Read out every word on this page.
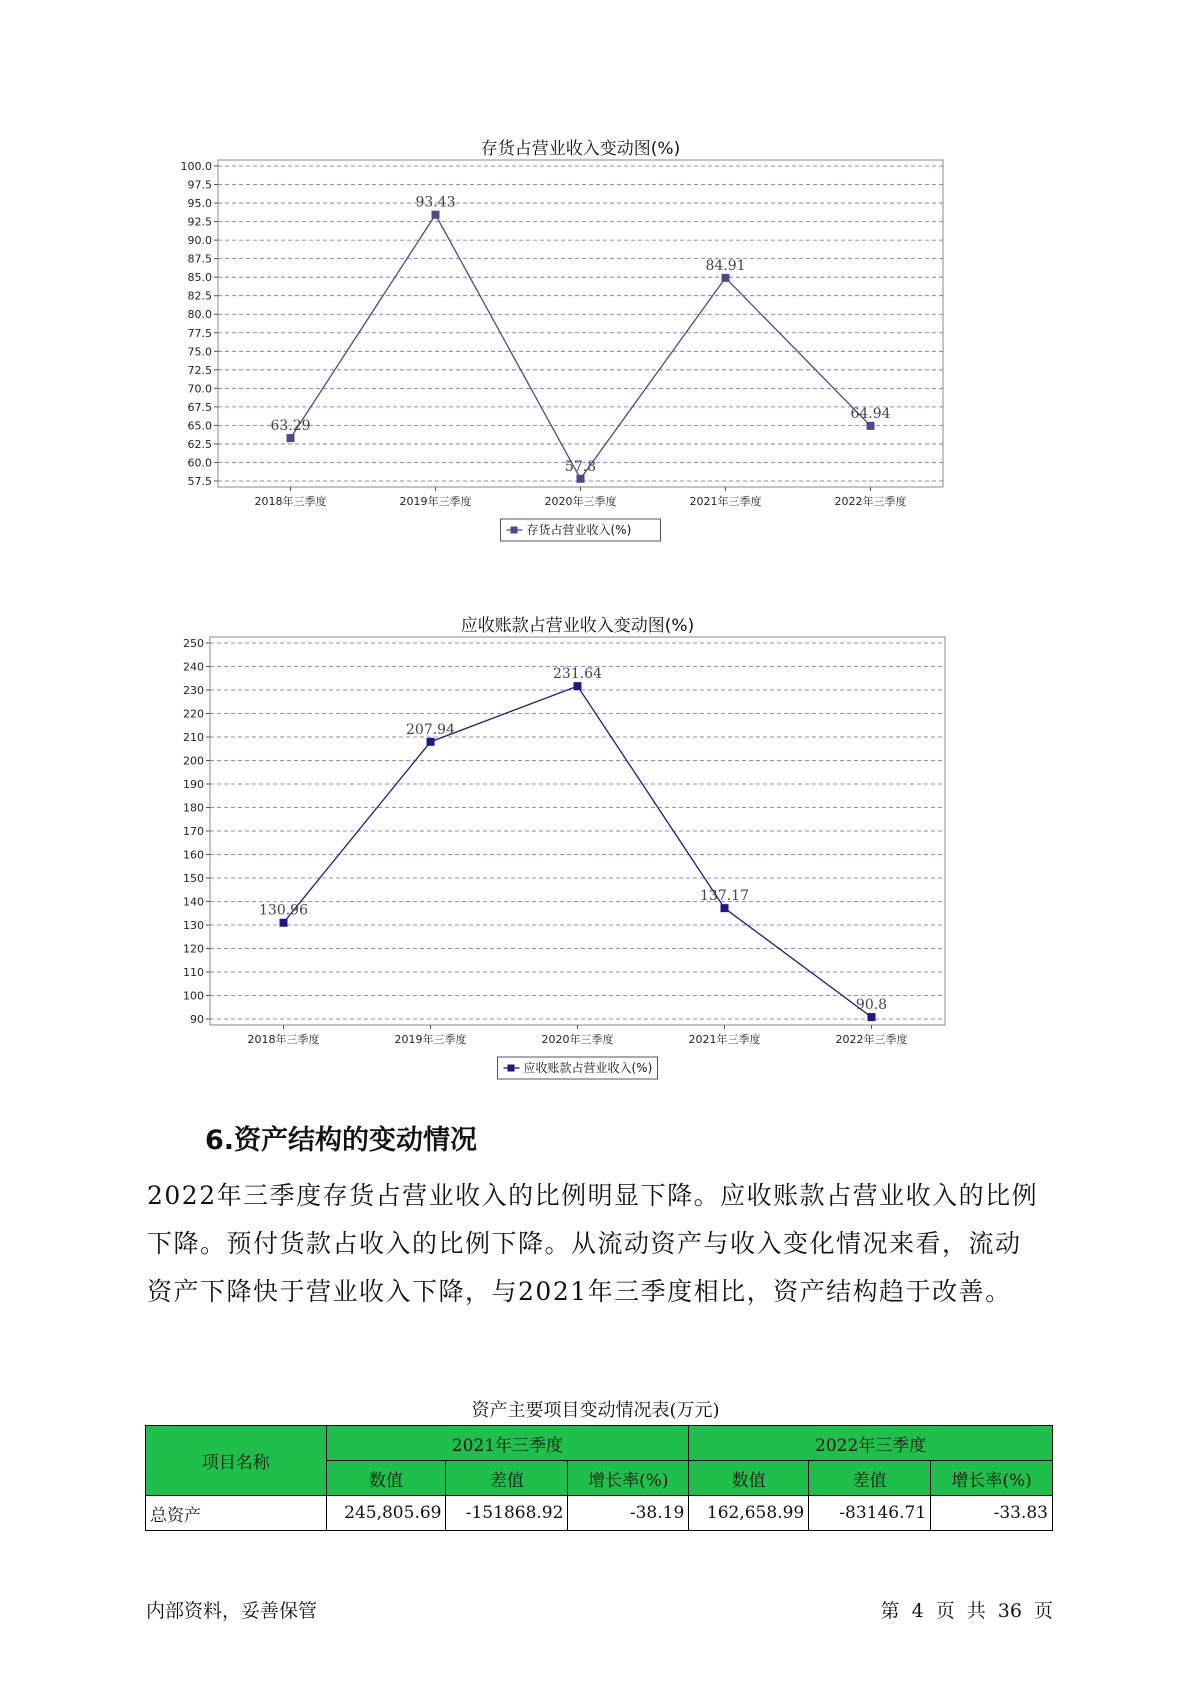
存货占营业收入变动图(%)
100.0
97.5
95.0
92.5
90.0
87.5
85.0
82.5
80.0
77.5
75.0
72.5
70.0
67.5
65.0
62.5
60.0
57.5
2018年三季度	2019年三季度	2020年三季度	2021年三季度	2022年三季度
63.29
93.43
57.8
84.91
64.94
存货占营业收入(%)
应收账款占营业收入变动图(%)
250
240
230
220
210
200
190
180
170
160
150
140
130
120
110
100
90
2018年三季度	2019年三季度	2020年三季度	2021年三季度	2022年三季度
130.96
207.94
231.64
137.17
90.8
应收账款占营业收入(%)
6.资产结构的变动情况

2022年三季度存货占营业收入的比例明显下降。应收账款占营业收入的比例下降。预付货款占收入的比例下降。从流动资产与收入变化情况来看，流动资产下降快于营业收入下降，与2021年三季度相比，资产结构趋于改善。

资产主要项目变动情况表(万元)
项目名称	2021年三季度			2022年三季度		
	数值	差值	增长率(%)	数值	差值	增长率(%)
总资产	245,805.69	-151868.92	-38.19	162,658.99	-83146.71	-33.83
内部资料，妥善保管	第 4 页 共 36 页
